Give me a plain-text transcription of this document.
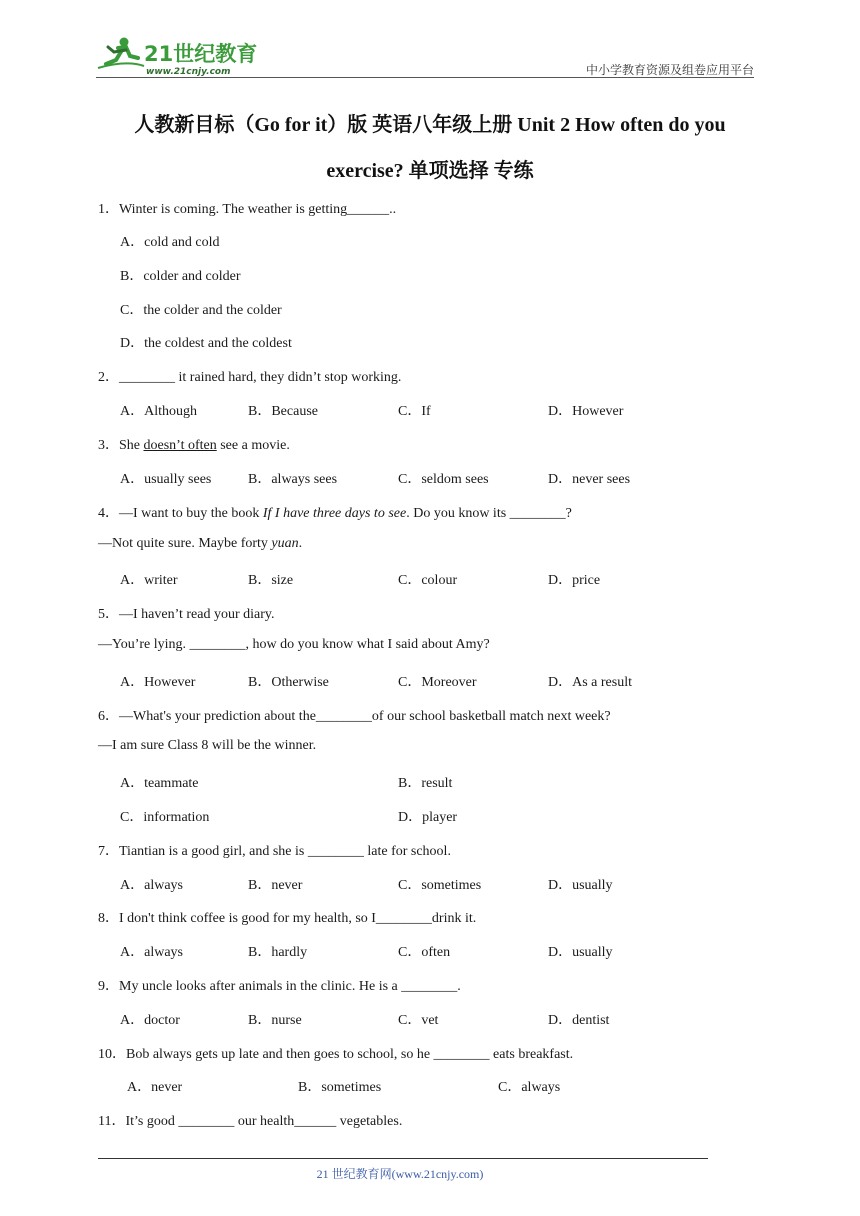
21世纪教育
www.21cnjy.com	中小学教育资源及组卷应用平台
人教新目标（Go for it）版 英语八年级上册 Unit 2 How often do you
exercise? 单项选择 专练
1．Winter is coming. The weather is getting______..
A．cold and cold
B．colder and colder
C．the colder and the colder
D．the coldest and the coldest
2．________ it rained hard, they didn’t stop working.
A．Although	B．Because	C．If	D．However
3．She doesn’t often see a movie.
A．usually sees	B．always sees	C．seldom sees	D．never sees
4．—I want to buy the book If I have three days to see. Do you know its ________?
—Not quite sure. Maybe forty yuan.
A．writer	B．size	C．colour	D．price
5．—I haven’t read your diary.
—You’re lying. ________, how do you know what I said about Amy?
A．However	B．Otherwise	C．Moreover	D．As a result
6．—What's your prediction about the________of our school basketball match next week?
—I am sure Class 8 will be the winner.
A．teammate	B．result
C．information	D．player
7．Tiantian is a good girl, and she is ________ late for school.
A．always	B．never	C．sometimes	D．usually
8．I don't think coffee is good for my health, so I________drink it.
A．always	B．hardly	C．often	D．usually
9．My uncle looks after animals in the clinic. He is a ________.
A．doctor	B．nurse	C．vet	D．dentist
10．Bob always gets up late and then goes to school, so he ________ eats breakfast.
A．never	B．sometimes	C．always
11．It’s good ________ our health______ vegetables.
21 世纪教育网(www.21cnjy.com)
